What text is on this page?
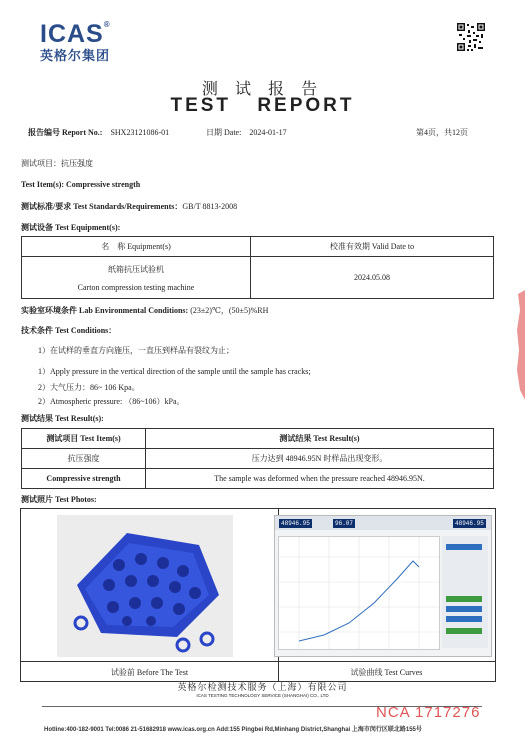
ICAS®
英格尔集团
测 试 报 告
TEST REPORT
报告编号 Report No.: SHX23121086-01	日期 Date: 2024-01-17	第4页，共12页
测试项目：抗压强度
Test Item(s): Compressive strength
测试标准/要求 Test Standards/Requirements：GB/T 8813-2008
测试设备 Test Equipment(s):
名　称 Equipment(s)	校准有效期 Valid Date to

纸箱抗压试验机
Carton compression testing machine	2024.05.08
实验室环境条件 Lab Environmental Conditions: (23±2)℃，(50±5)%RH
技术条件 Test Conditions：
1）在试样的垂直方向施压，一直压到样品有裂纹为止；
1）Apply pressure in the vertical direction of the sample until the sample has cracks;
2）大气压力：86~ 106 Kpa。
2）Atmospheric pressure: （86~106）kPa。
测试结果 Test Result(s):
测试项目 Test Item(s)	测试结果 Test Result(s)
抗压强度	压力达到 48946.95N 时样品出现变形。
Compressive strength	The sample was deformed when the pressure reached 48946.95N.
测试照片 Test Photos:
试验前 Before The Test	试验曲线 Test Curves
48946.95	96.07	48946.95
英格尔检测技术服务（上海）有限公司
ICAS TESTING TECHNOLOGY SERVICE (SHANGHAI) CO., LTD
NCA 1717276
Hotline:400-182-9001 Tel:0086 21-51682918 www.icas.org.cn Add:155 Pingbei Rd,Minhang District,Shanghai 上海市闵行区联北路155号
